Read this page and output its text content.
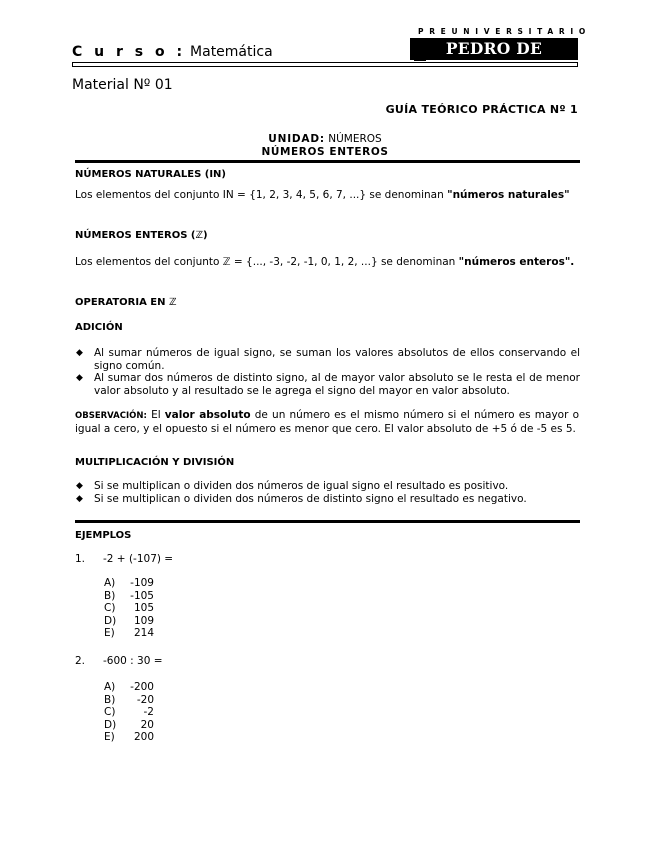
C u r s o : Matemática
PREUNIVERSITARIO
PEDRO DE VALDIVIA
Material Nº 01
GUÍA TEÓRICO PRÁCTICA Nº 1
UNIDAD: NÚMEROS
NÚMEROS ENTEROS
NÚMEROS NATURALES (IN)
Los elementos del conjunto IN = {1, 2, 3, 4, 5, 6, 7, ...} se denominan "números naturales"
NÚMEROS ENTEROS (ℤ)
Los elementos del conjunto ℤ = {..., -3, -2, -1, 0, 1, 2, ...} se denominan "números enteros".
OPERATORIA EN ℤ
ADICIÓN
◆ Al sumar números de igual signo, se suman los valores absolutos de ellos conservando el signo común.
◆ Al sumar dos números de distinto signo, al de mayor valor absoluto se le resta el de menor valor absoluto y al resultado se le agrega el signo del mayor en valor absoluto.
OBSERVACIÓN: El valor absoluto de un número es el mismo número si el número es mayor o igual a cero, y el opuesto si el número es menor que cero. El valor absoluto de +5 ó de -5 es 5.
MULTIPLICACIÓN Y DIVISIÓN
◆ Si se multiplican o dividen dos números de igual signo el resultado es positivo.
◆ Si se multiplican o dividen dos números de distinto signo el resultado es negativo.
EJEMPLOS
1. -2 + (-107) =
A) -109
B) -105
C) 105
D) 109
E) 214
2. -600 : 30 =
A) -200
B) -20
C)	-2
D) 20
E) 200
